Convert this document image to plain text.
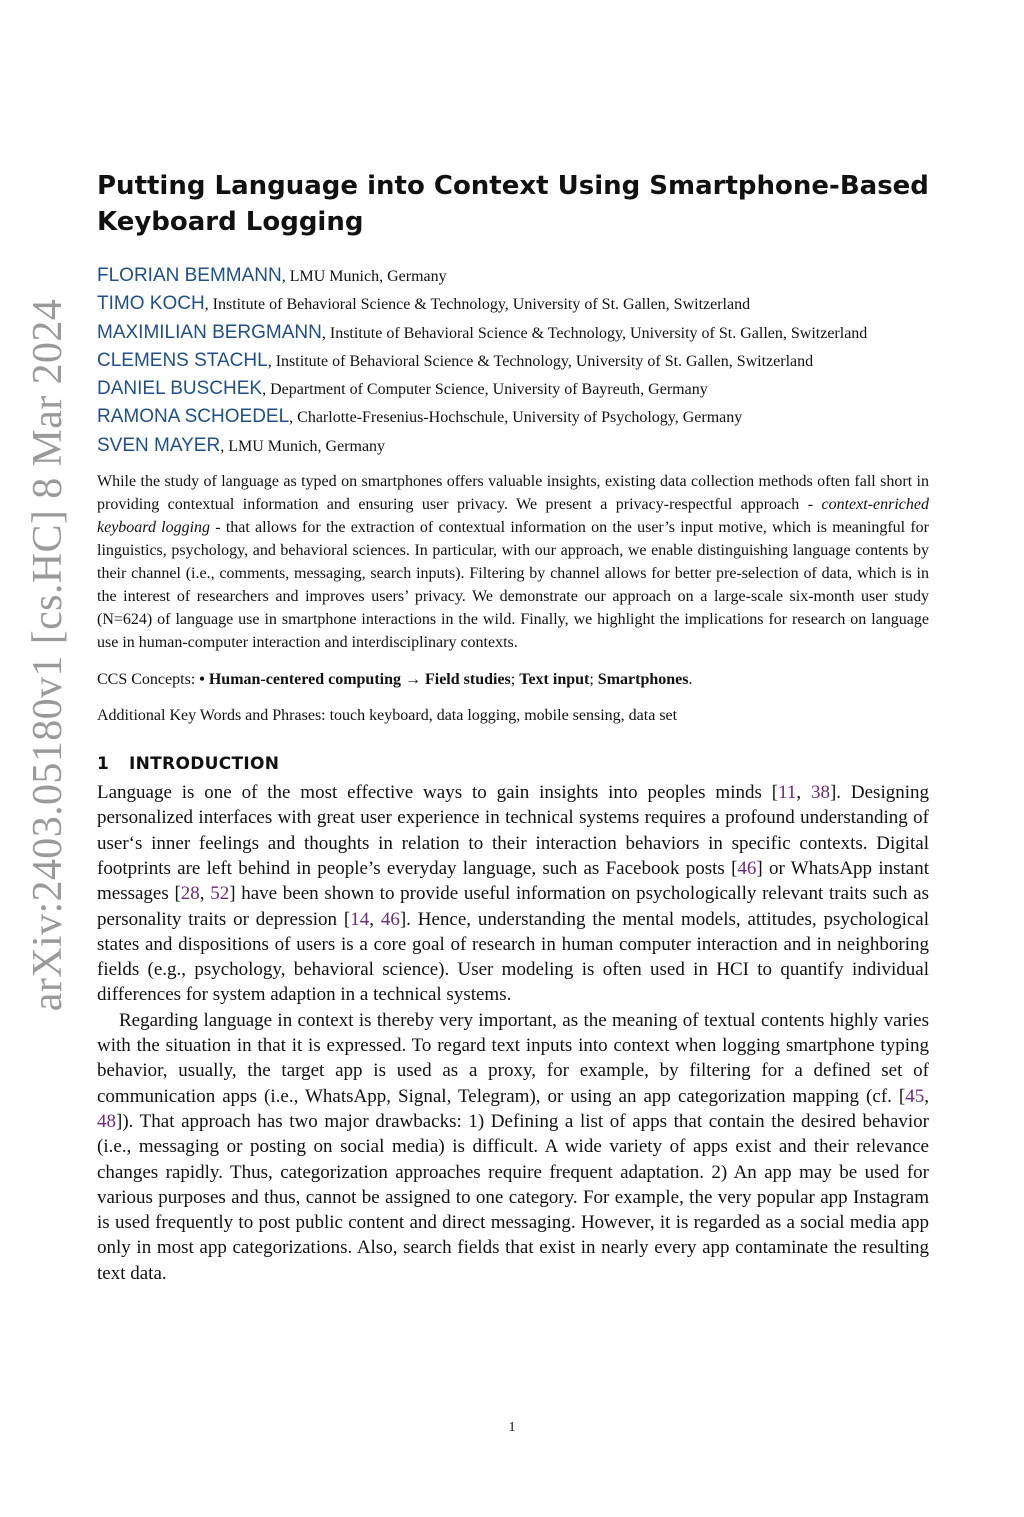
arXiv:2403.05180v1 [cs.HC] 8 Mar 2024
Putting Language into Context Using Smartphone-Based
Keyboard Logging
FLORIAN BEMMANN, LMU Munich, Germany
TIMO KOCH, Institute of Behavioral Science & Technology, University of St. Gallen, Switzerland
MAXIMILIAN BERGMANN, Institute of Behavioral Science & Technology, University of St. Gallen, Switzerland
CLEMENS STACHL, Institute of Behavioral Science & Technology, University of St. Gallen, Switzerland
DANIEL BUSCHEK, Department of Computer Science, University of Bayreuth, Germany
RAMONA SCHOEDEL, Charlotte-Fresenius-Hochschule, University of Psychology, Germany
SVEN MAYER, LMU Munich, Germany

While the study of language as typed on smartphones offers valuable insights, existing data collection methods often fall short in providing contextual information and ensuring user privacy. We present a privacy-respectful approach - context-enriched keyboard logging - that allows for the extraction of contextual information on the user’s input motive, which is meaningful for linguistics, psychology, and behavioral sciences. In particular, with our approach, we enable distinguishing language contents by their channel (i.e., comments, messaging, search inputs). Filtering by channel allows for better pre-selection of data, which is in the interest of researchers and improves users’ privacy. We demonstrate our approach on a large-scale six-month user study (N=624) of language use in smartphone interactions in the wild. Finally, we highlight the implications for research on language use in human-computer interaction and interdisciplinary contexts.

CCS Concepts: • Human-centered computing → Field studies; Text input; Smartphones.

Additional Key Words and Phrases: touch keyboard, data logging, mobile sensing, data set

1 INTRODUCTION

Language is one of the most effective ways to gain insights into peoples minds [11, 38]. Designing personalized interfaces with great user experience in technical systems requires a profound understanding of user‘s inner feelings and thoughts in relation to their interaction behaviors in specific contexts. Digital footprints are left behind in people’s everyday language, such as Facebook posts [46] or WhatsApp instant messages [28, 52] have been shown to provide useful information on psychologically relevant traits such as personality traits or depression [14, 46]. Hence, understanding the mental models, attitudes, psychological states and dispositions of users is a core goal of research in human computer interaction and in neighboring fields (e.g., psychology, behavioral science). User modeling is often used in HCI to quantify individual differences for system adaption in a technical systems.

Regarding language in context is thereby very important, as the meaning of textual contents highly varies with the situation in that it is expressed. To regard text inputs into context when logging smartphone typing behavior, usually, the target app is used as a proxy, for example, by filtering for a defined set of communication apps (i.e., WhatsApp, Signal, Telegram), or using an app categorization mapping (cf. [45, 48]). That approach has two major drawbacks: 1) Defining a list of apps that contain the desired behavior (i.e., messaging or posting on social media) is difficult. A wide variety of apps exist and their relevance changes rapidly. Thus, categorization approaches require frequent adaptation. 2) An app may be used for various purposes and thus, cannot be assigned to one category. For example, the very popular app Instagram is used frequently to post public content and direct messaging. However, it is regarded as a social media app only in most app categorizations. Also, search fields that exist in nearly every app contaminate the resulting text data.

1
